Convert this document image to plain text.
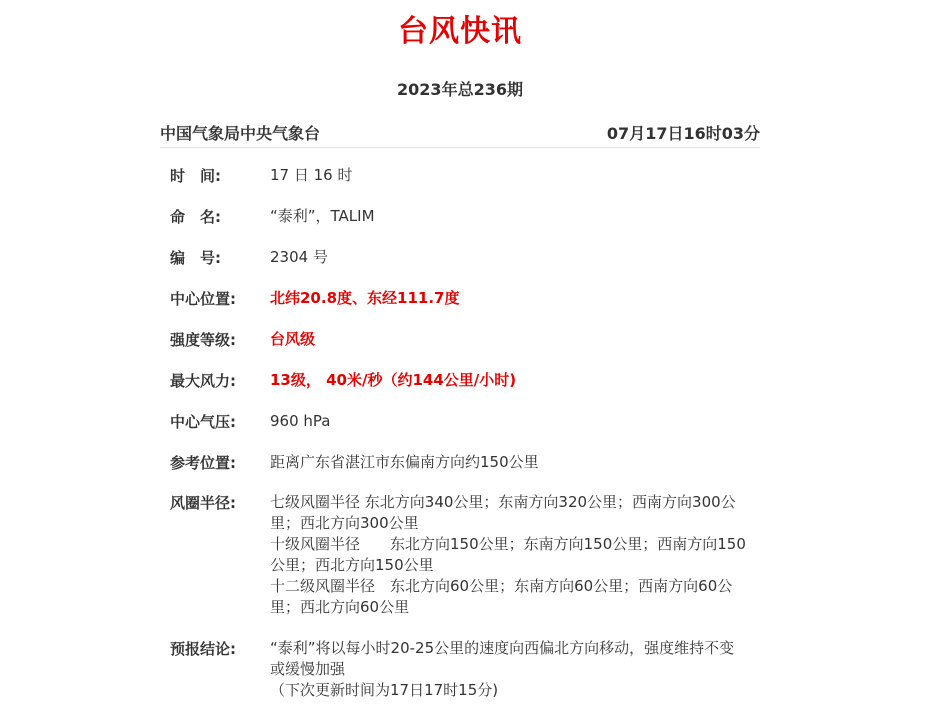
台风快讯
2023年总236期
中国气象局中央气象台	07月17日16时03分
时　间:	17 日 16 时
命　名:	“泰利”，TALIM
编　号:	2304 号
中心位置:	北纬20.8度、东经111.7度
强度等级:	台风级
最大风力:	13级， 40米/秒（约144公里/小时)
中心气压:	960 hPa
参考位置:	距离广东省湛江市东偏南方向约150公里
风圈半径:	七级风圈半径 东北方向340公里；东南方向320公里；西南方向300公里；西北方向300公里
十级风圈半径　　东北方向150公里；东南方向150公里；西南方向150公里；西北方向150公里
十二级风圈半径　东北方向60公里；东南方向60公里；西南方向60公里；西北方向60公里
预报结论:	“泰利”将以每小时20-25公里的速度向西偏北方向移动，强度维持不变或缓慢加强
（下次更新时间为17日17时15分)
